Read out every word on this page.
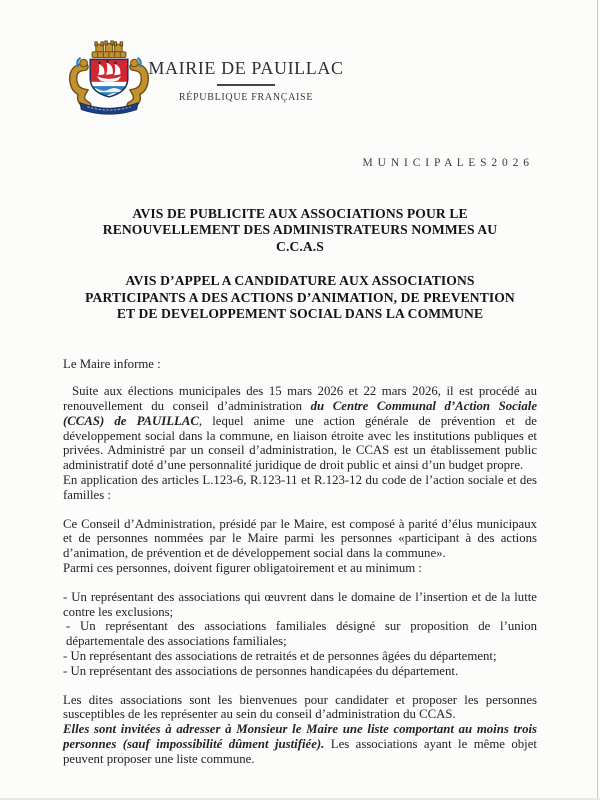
MAIRIE DE PAUILLAC
RÉPUBLIQUE FRANÇAISE
M U N I C I P A L E S 2 0 2 6
AVIS DE PUBLICITE AUX ASSOCIATIONS POUR LE
RENOUVELLEMENT DES ADMINISTRATEURS NOMMES AU
C.C.A.S
AVIS D’APPEL A CANDIDATURE AUX ASSOCIATIONS
PARTICIPANTS A DES ACTIONS D’ANIMATION, DE PREVENTION
ET DE DEVELOPPEMENT SOCIAL DANS LA COMMUNE

Le Maire informe :

Suite aux élections municipales des 15 mars 2026 et 22 mars 2026, il est procédé au renouvellement du conseil d’administration du Centre Communal d’Action Sociale (CCAS) de PAUILLAC, lequel anime une action générale de prévention et de développement social dans la commune, en liaison étroite avec les institutions publiques et privées. Administré par un conseil d’administration, le CCAS est un établissement public administratif doté d’une personnalité juridique de droit public et ainsi d’un budget propre.
En application des articles L.123-6, R.123-11 et R.123-12 du code de l’action sociale et des familles :
Ce Conseil d’Administration, présidé par le Maire, est composé à parité d’élus municipaux et de personnes nommées par le Maire parmi les personnes «participant à des actions d’animation, de prévention et de développement social dans la commune».
Parmi ces personnes, doivent figurer obligatoirement et au minimum :
- Un représentant des associations qui œuvrent dans le domaine de l’insertion et de la lutte contre les exclusions;
- Un représentant des associations familiales désigné sur proposition de l’union départementale des associations familiales;
- Un représentant des associations de retraités et de personnes âgées du département;
- Un représentant des associations de personnes handicapées du département.
Les dites associations sont les bienvenues pour candidater et proposer les personnes susceptibles de les représenter au sein du conseil d’administration du CCAS.
Elles sont invitées à adresser à Monsieur le Maire une liste comportant au moins trois personnes (sauf impossibilité dûment justifiée). Les associations ayant le même objet peuvent proposer une liste commune.
